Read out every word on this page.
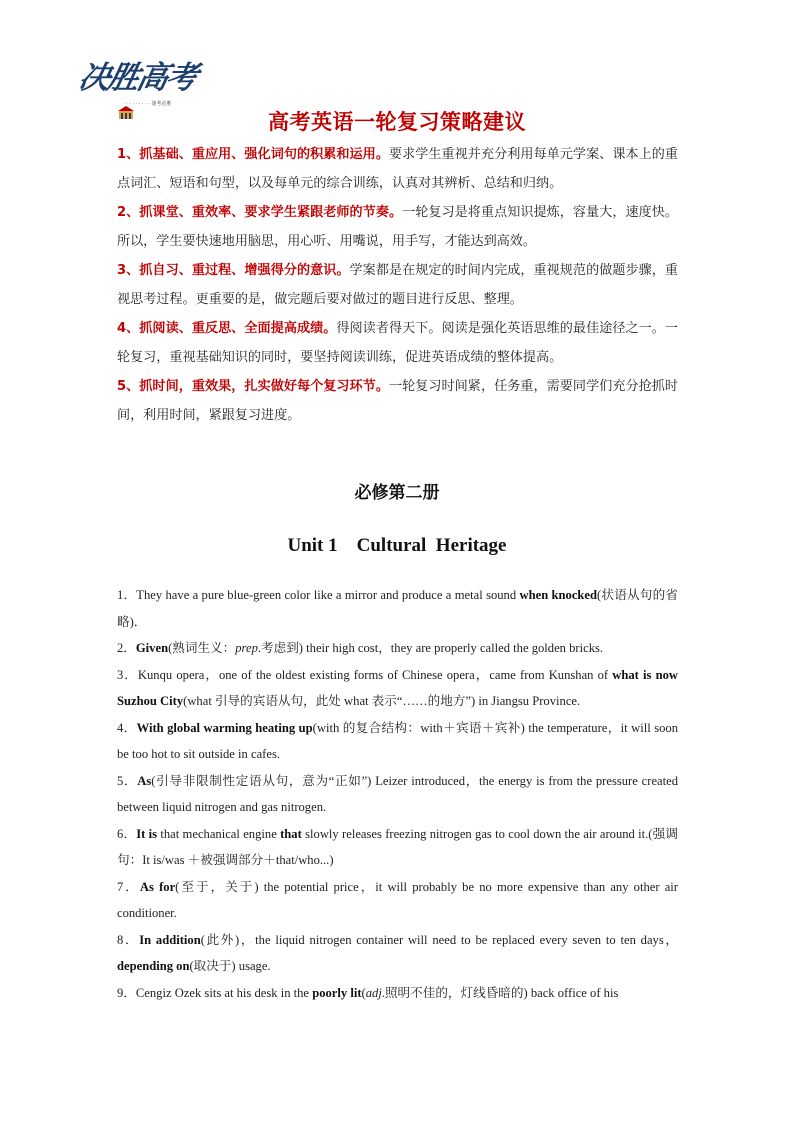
决胜高考
· · · · · · · · 逢考必胜
高考英语一轮复习策略建议

1、抓基础、重应用、强化词句的积累和运用。要求学生重视并充分利用每单元学案、课本上的重点词汇、短语和句型，以及每单元的综合训练，认真对其辨析、总结和归纳。

2、抓课堂、重效率、要求学生紧跟老师的节奏。一轮复习是将重点知识提炼，容量大，速度快。所以，学生要快速地用脑思，用心听、用嘴说，用手写，才能达到高效。

3、抓自习、重过程、增强得分的意识。学案都是在规定的时间内完成，重视规范的做题步骤，重视思考过程。更重要的是，做完题后要对做过的题目进行反思、整理。

4、抓阅读、重反思、全面提高成绩。得阅读者得天下。阅读是强化英语思维的最佳途径之一。一轮复习，重视基础知识的同时，要坚持阅读训练，促进英语成绩的整体提高。

5、抓时间，重效果，扎实做好每个复习环节。一轮复习时间紧，任务重，需要同学们充分抢抓时间，利用时间，紧跟复习进度。

必修第二册
Unit 1    Cultural  Heritage

1．They have a pure blue-green color like a mirror and produce a metal sound when knocked(状语从句的省略)．

2．Given(熟词生义：prep.考虑到) their high cost，they are properly called the golden bricks.

3．Kunqu opera，one of the oldest existing forms of Chinese opera，came from Kunshan of what is now Suzhou City(what 引导的宾语从句，此处 what 表示“……的地方”) in Jiangsu Province.

4．With global warming heating up(with 的复合结构：with＋宾语＋宾补) the temperature，it will soon be too hot to sit outside in cafes.

5．As(引导非限制性定语从句，意为“正如”) Leizer introduced，the energy is from the pressure created between liquid nitrogen and gas nitrogen.

6．It is that mechanical engine that slowly releases freezing nitrogen gas to cool down the air around it.(强调句：It is/was ＋被强调部分＋that/who...)

7．As for(至于，关于) the potential price，it will probably be no more expensive than any other air conditioner.

8．In addition(此外)，the liquid nitrogen container will need to be replaced every seven to ten days，depending on(取决于) usage.

9．Cengiz Ozek sits at his desk in the poorly lit(adj.照明不佳的，灯线昏暗的) back office of his
